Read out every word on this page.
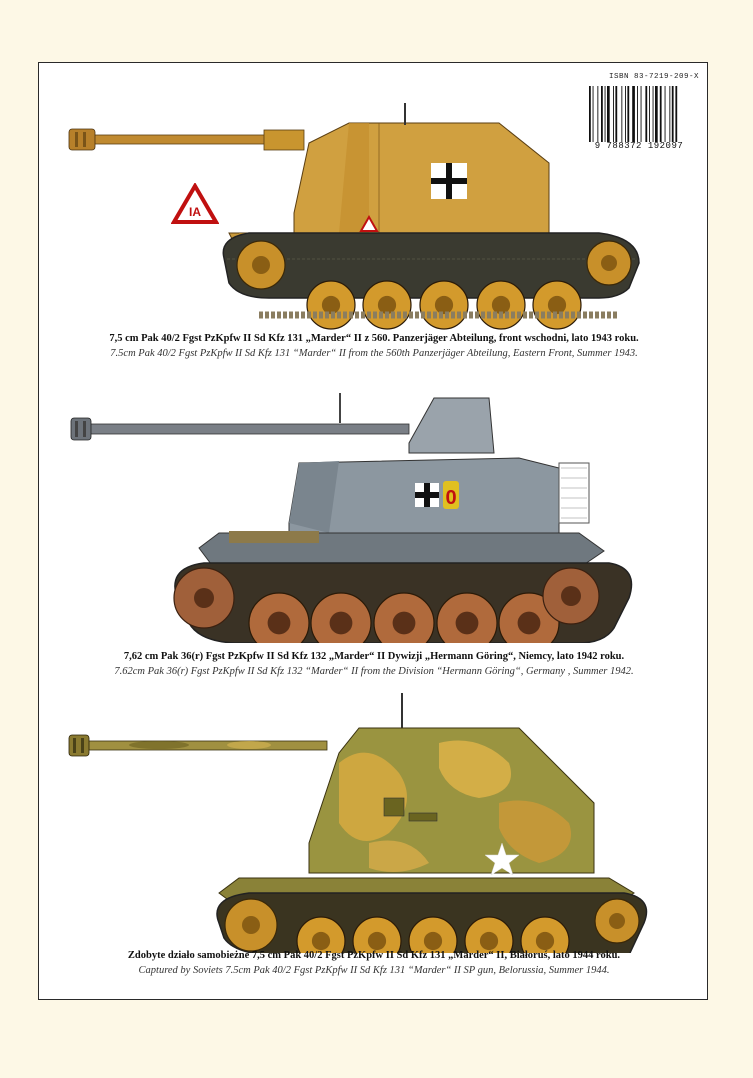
ISBN 83-7219-209-X
9 788372 192097
IA
7,5 cm Pak 40/2 Fgst PzKpfw II Sd Kfz 131 „Marder“ II z 560. Panzerjäger Abteilung, front wschodni, lato 1943 roku.
7.5cm Pak 40/2 Fgst PzKpfw II Sd Kfz 131 “Marder“ II from the 560th Panzerjäger Abteilung, Eastern Front, Summer 1943.
0
7,62 cm Pak 36(r) Fgst PzKpfw II Sd Kfz 132 „Marder“ II Dywizji „Hermann Göring“, Niemcy, lato 1942 roku.
7.62cm Pak 36(r) Fgst PzKpfw II Sd Kfz 132 “Marder“ II from the Division “Hermann Göring“, Germany , Summer 1942.
Zdobyte działo samobieżne 7,5 cm Pak 40/2 Fgst PzKpfw II Sd Kfz 131 „Marder“ II, Białoruś, lato 1944 roku.
Captured by Soviets 7.5cm Pak 40/2 Fgst PzKpfw II Sd Kfz 131 “Marder“ II SP gun, Belorussia, Summer 1944.
